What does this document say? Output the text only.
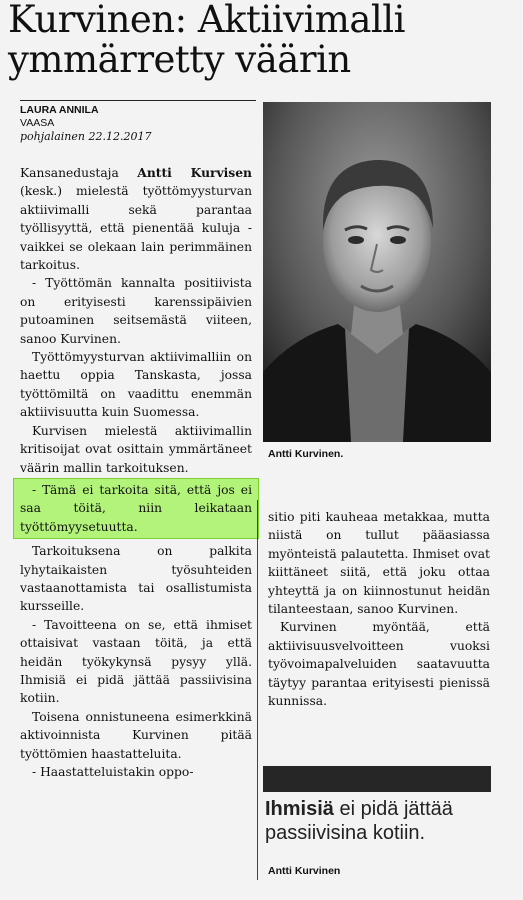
Kurvinen: Aktiivimalli
ymmärretty väärin
LAURA ANNILA
VAASA
pohjalainen 22.12.2017

Kansanedustaja Antti Kurvisen (kesk.) mielestä työttömyysturvan aktiivimalli sekä parantaa työllisyyttä, että pienentää kuluja - vaikkei se olekaan lain perimmäinen tarkoitus.

- Työttömän kannalta positiivista on erityisesti karenssipäivien putoaminen seitsemästä viiteen, sanoo Kurvinen.

Työttömyysturvan aktiivimalliin on haettu oppia Tanskasta, jossa työttömiltä on vaadittu enemmän aktiivisuutta kuin Suomessa.

Kurvisen mielestä aktiivimallin kritisoijat ovat osittain ymmärtäneet väärin mallin tarkoituksen.

- Tämä ei tarkoita sitä, että jos ei saa töitä, niin leikataan työttömyysetuutta.

Tarkoituksena on palkita lyhytaikaisten työsuhteiden vastaanottamista tai osallistumista kursseille.

- Tavoitteena on se, että ihmiset ottaisivat vastaan töitä, ja että heidän työkykynsä pysyy yllä. Ihmisiä ei pidä jättää passiivisina kotiin.

Toisena onnistuneena esimerkkinä aktivoinnista Kurvinen pitää työttömien haastatteluita.

- Haastatteluistakin oppo-

Antti Kurvinen.

sitio piti kauheaa metakkaa, mutta niistä on tullut pääasiassa myönteistä palautetta. Ihmiset ovat kiittäneet siitä, että joku ottaa yhteyttä ja on kiinnostunut heidän tilanteestaan, sanoo Kurvinen.

Kurvinen myöntää, että aktiivisuusvelvoitteen vuoksi työvoimapalveluiden saatavuutta täytyy parantaa erityisesti pienissä kunnissa.

Ihmisiä ei pidä jättää passiivisina kotiin.
Antti Kurvinen
